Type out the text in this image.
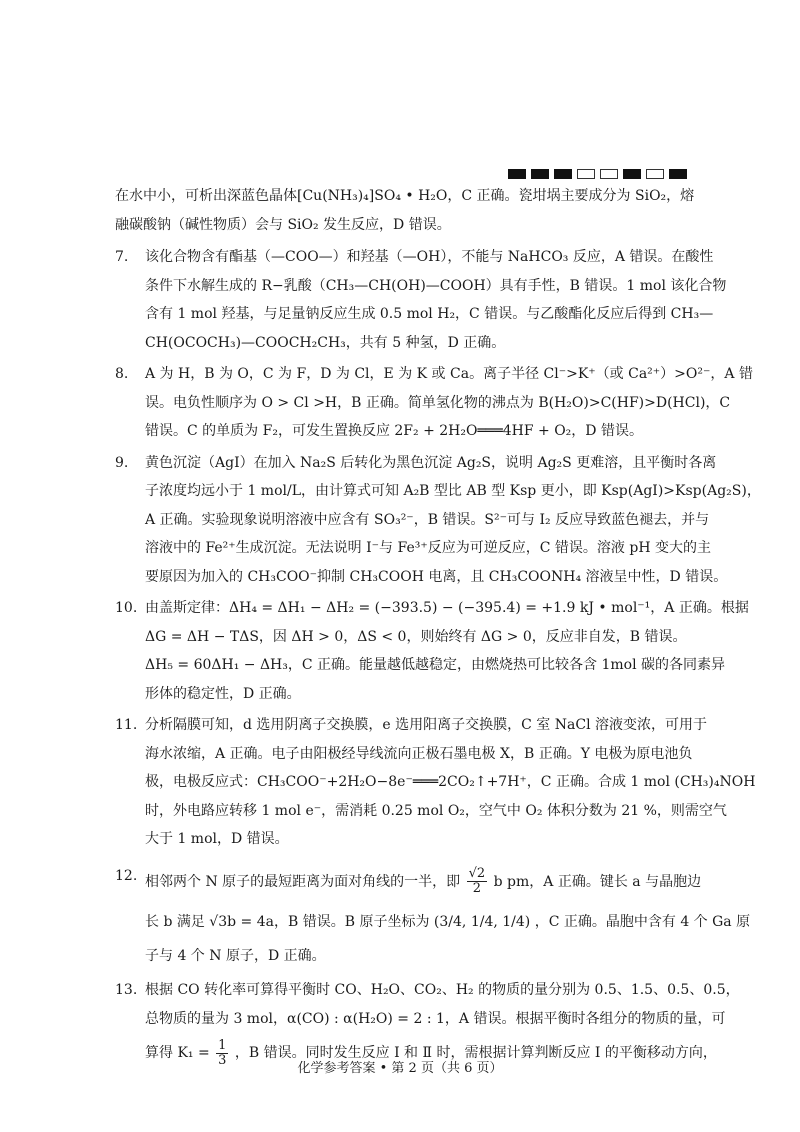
在水中小，可析出深蓝色晶体[Cu(NH₃)₄]SO₄ • H₂O，C 正确。瓷坩埚主要成分为 SiO₂，熔
融碳酸钠（碱性物质）会与 SiO₂ 发生反应，D 错误。
7.	该化合物含有酯基（—COO—）和羟基（—OH），不能与 NaHCO₃ 反应，A 错误。在酸性
条件下水解生成的 R−乳酸（CH₃—CH(OH)—COOH）具有手性，B 错误。1 mol 该化合物
含有 1 mol 羟基，与足量钠反应生成 0.5 mol H₂，C 错误。与乙酸酯化反应后得到 CH₃—
CH(OCOCH₃)—COOCH₂CH₃，共有 5 种氢，D 正确。
8.	A 为 H，B 为 O，C 为 F，D 为 Cl，E 为 K 或 Ca。离子半径 Cl⁻>K⁺（或 Ca²⁺）>O²⁻，A 错
误。电负性顺序为 O > Cl >H，B 正确。简单氢化物的沸点为 B(H₂O)>C(HF)>D(HCl)，C
错误。C 的单质为 F₂，可发生置换反应 2F₂ + 2H₂O═══4HF + O₂，D 错误。
9.	黄色沉淀（AgI）在加入 Na₂S 后转化为黑色沉淀 Ag₂S，说明 Ag₂S 更难溶，且平衡时各离
子浓度均远小于 1 mol/L，由计算式可知 A₂B 型比 AB 型 Ksp 更小，即 Ksp(AgI)>Ksp(Ag₂S)，
A 正确。实验现象说明溶液中应含有 SO₃²⁻，B 错误。S²⁻可与 I₂ 反应导致蓝色褪去，并与
溶液中的 Fe²⁺生成沉淀。无法说明 I⁻与 Fe³⁺反应为可逆反应，C 错误。溶液 pH 变大的主
要原因为加入的 CH₃COO⁻抑制 CH₃COOH 电离，且 CH₃COONH₄ 溶液呈中性，D 错误。
10. 由盖斯定律：ΔH₄ = ΔH₁ − ΔH₂ = (−393.5) − (−395.4) = +1.9 kJ • mol⁻¹，A 正确。根据
ΔG = ΔH − TΔS，因 ΔH > 0，ΔS < 0，则始终有 ΔG > 0，反应非自发，B 错误。
ΔH₅ = 60ΔH₁ − ΔH₃，C 正确。能量越低越稳定，由燃烧热可比较各含 1mol 碳的各同素异
形体的稳定性，D 正确。
11. 分析隔膜可知，d 选用阴离子交换膜，e 选用阳离子交换膜，C 室 NaCl 溶液变浓，可用于
海水浓缩，A 正确。电子由阳极经导线流向正极石墨电极 X，B 正确。Y 电极为原电池负
极，电极反应式：CH₃COO⁻+2H₂O−8e⁻═══2CO₂↑+7H⁺，C 正确。合成 1 mol (CH₃)₄NOH
时，外电路应转移 1 mol e⁻，需消耗 0.25 mol O₂，空气中 O₂ 体积分数为 21 %，则需空气
大于 1 mol，D 错误。
12. 相邻两个 N 原子的最短距离为面对角线的一半，即 $\frac{√2}{2}$ b pm，A 正确。键长 a 与晶胞边
长 b 满足 √3b = 4a，B 错误。B 原子坐标为 (3/4, 1/4, 1/4) ，C 正确。晶胞中含有 4 个 Ga 原
子与 4 个 N 原子，D 正确。
13. 根据 CO 转化率可算得平衡时 CO、H₂O、CO₂、H₂ 的物质的量分别为 0.5、1.5、0.5、0.5，
总物质的量为 3 mol，α(CO) : α(H₂O) = 2 : 1，A 错误。根据平衡时各组分的物质的量，可
算得 $K_1 = \frac{1}{3}$ ，B 错误。同时发生反应 Ⅰ 和 Ⅱ 时，需根据计算判断反应 Ⅰ 的平衡移动方向，
化学参考答案 • 第 2 页（共 6 页）
